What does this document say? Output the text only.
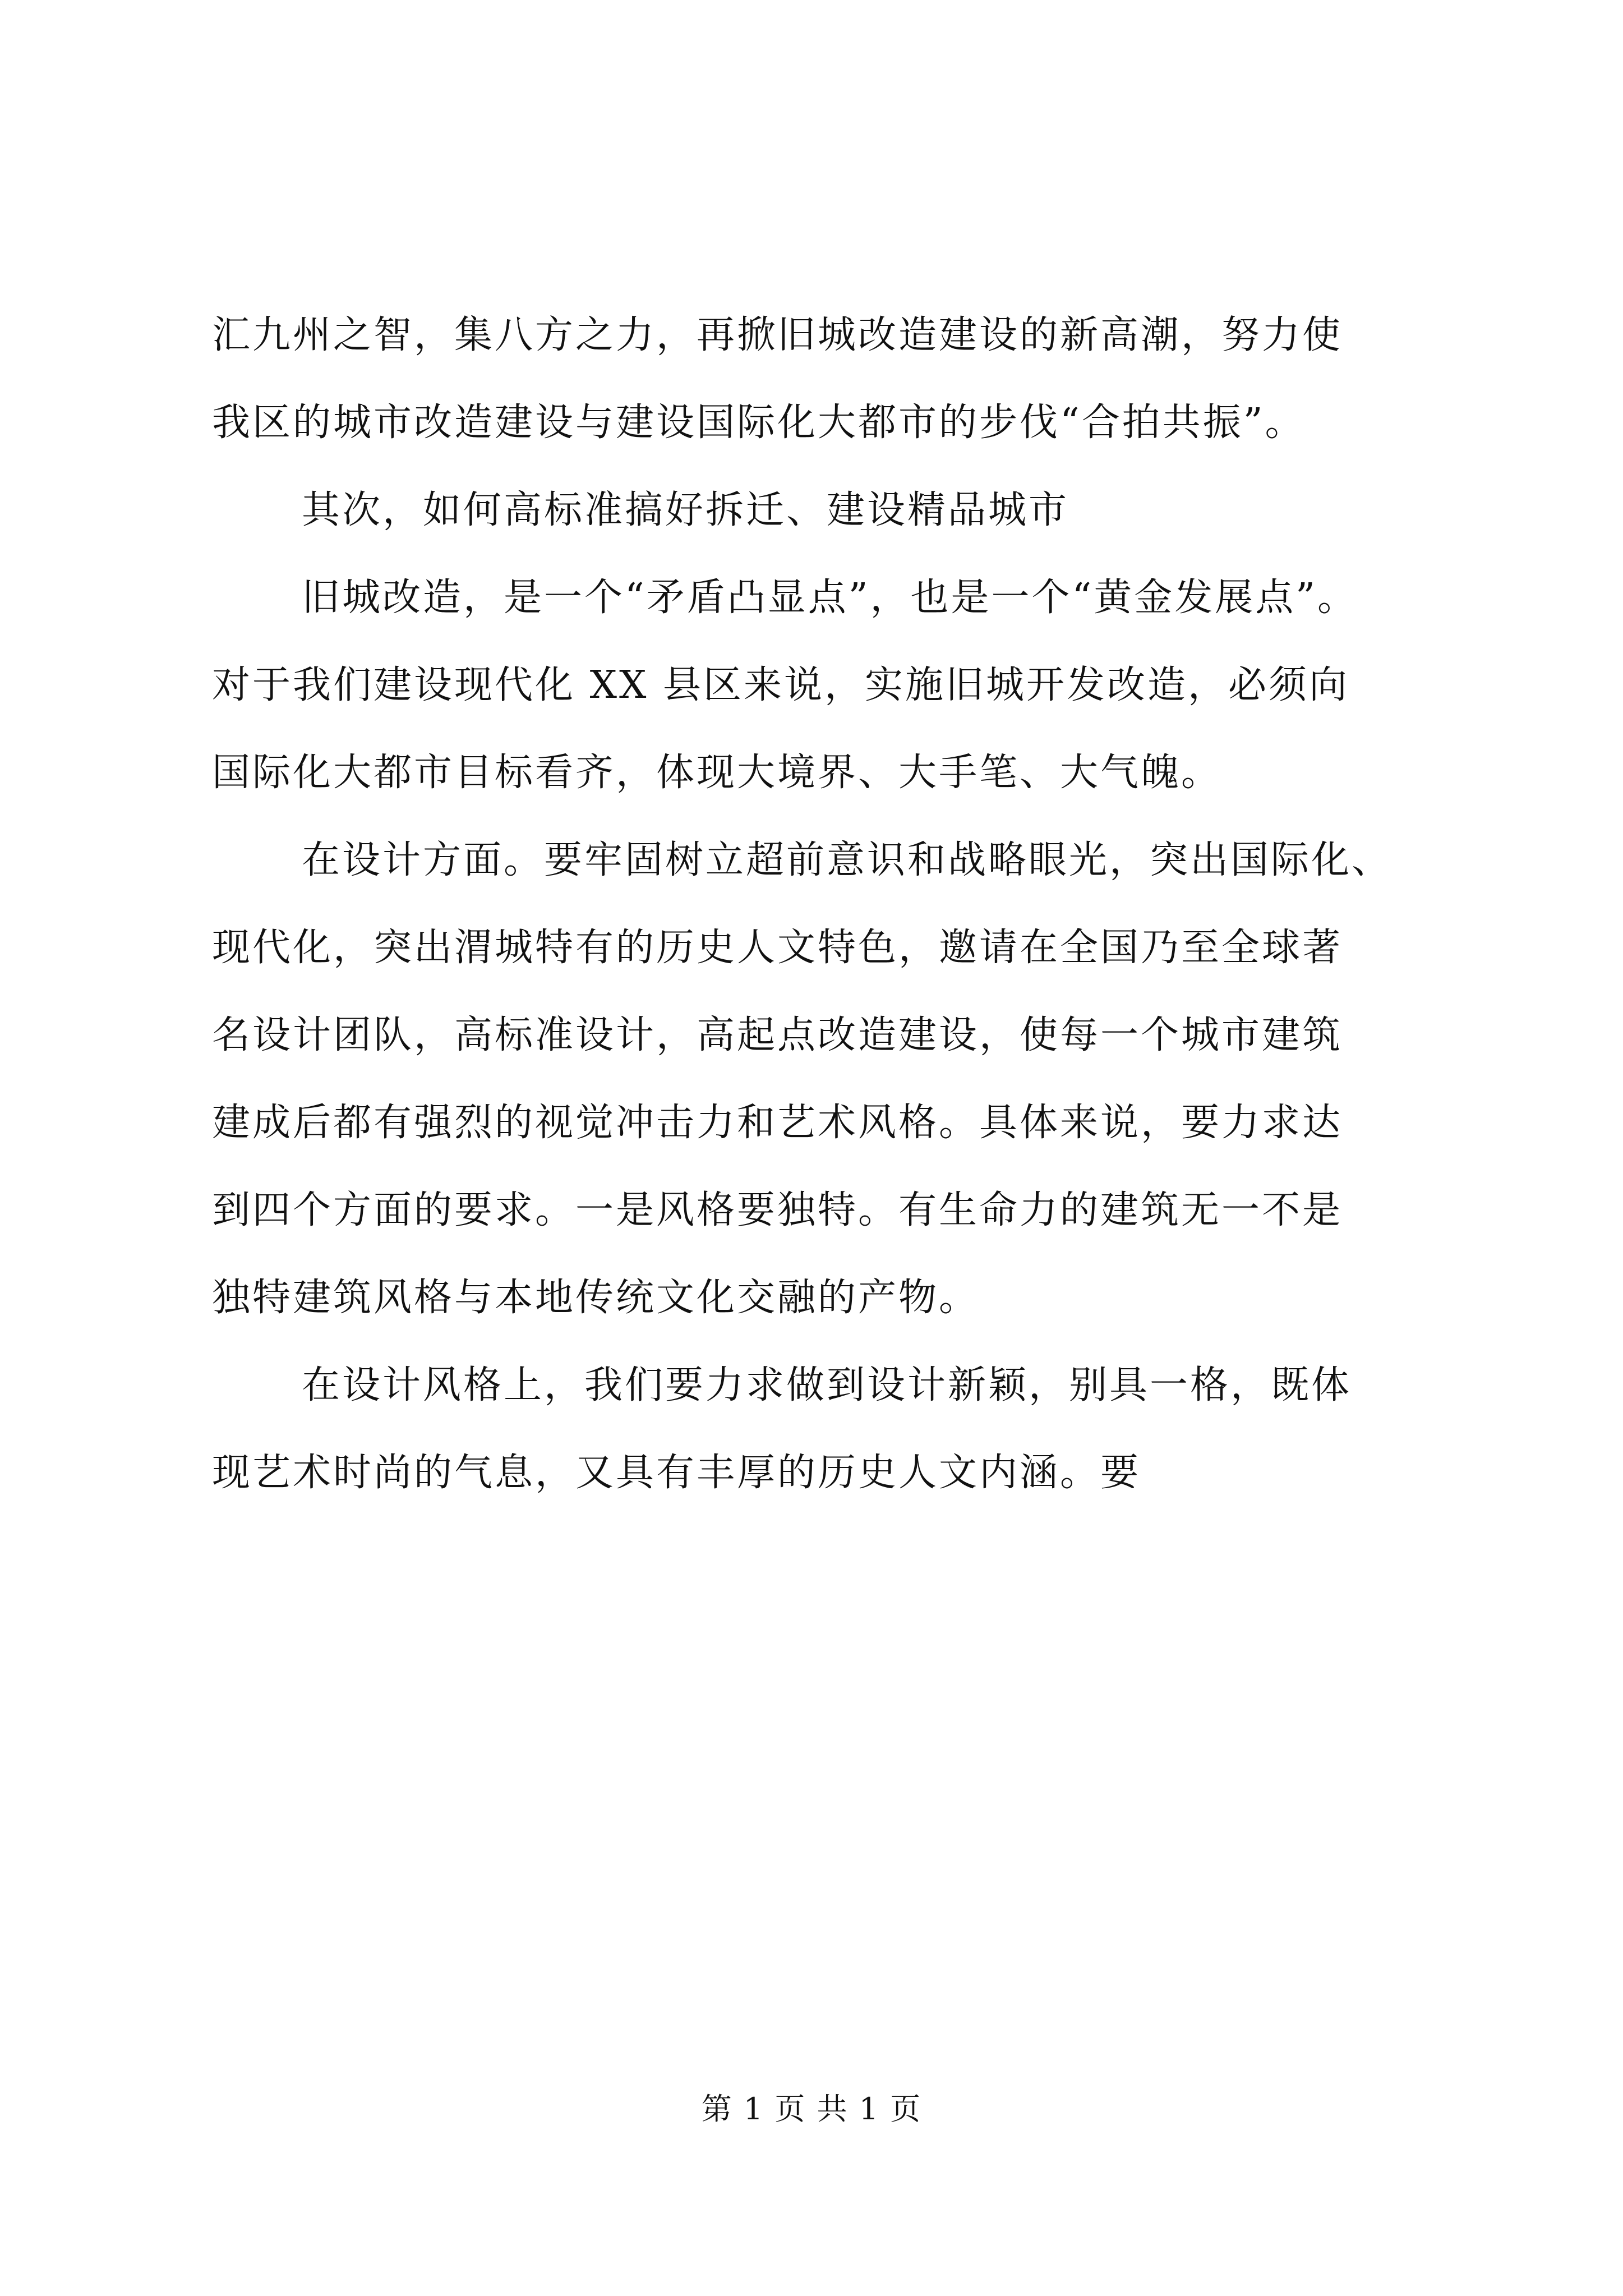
汇九州之智，集八方之力，再掀旧城改造建设的新高潮，努力使
我区的城市改造建设与建设国际化大都市的步伐“合拍共振”。
其次，如何高标准搞好拆迁、建设精品城市
旧城改造，是一个“矛盾凸显点”，也是一个“黄金发展点”。
对于我们建设现代化 XX 县区来说，实施旧城开发改造，必须向
国际化大都市目标看齐，体现大境界、大手笔、大气魄。
在设计方面。要牢固树立超前意识和战略眼光，突出国际化、
现代化，突出渭城特有的历史人文特色，邀请在全国乃至全球著
名设计团队，高标准设计，高起点改造建设，使每一个城市建筑
建成后都有强烈的视觉冲击力和艺术风格。具体来说，要力求达
到四个方面的要求。一是风格要独特。有生命力的建筑无一不是
独特建筑风格与本地传统文化交融的产物。
在设计风格上，我们要力求做到设计新颖，别具一格，既体
现艺术时尚的气息，又具有丰厚的历史人文内涵。要
第 1 页 共 1 页
